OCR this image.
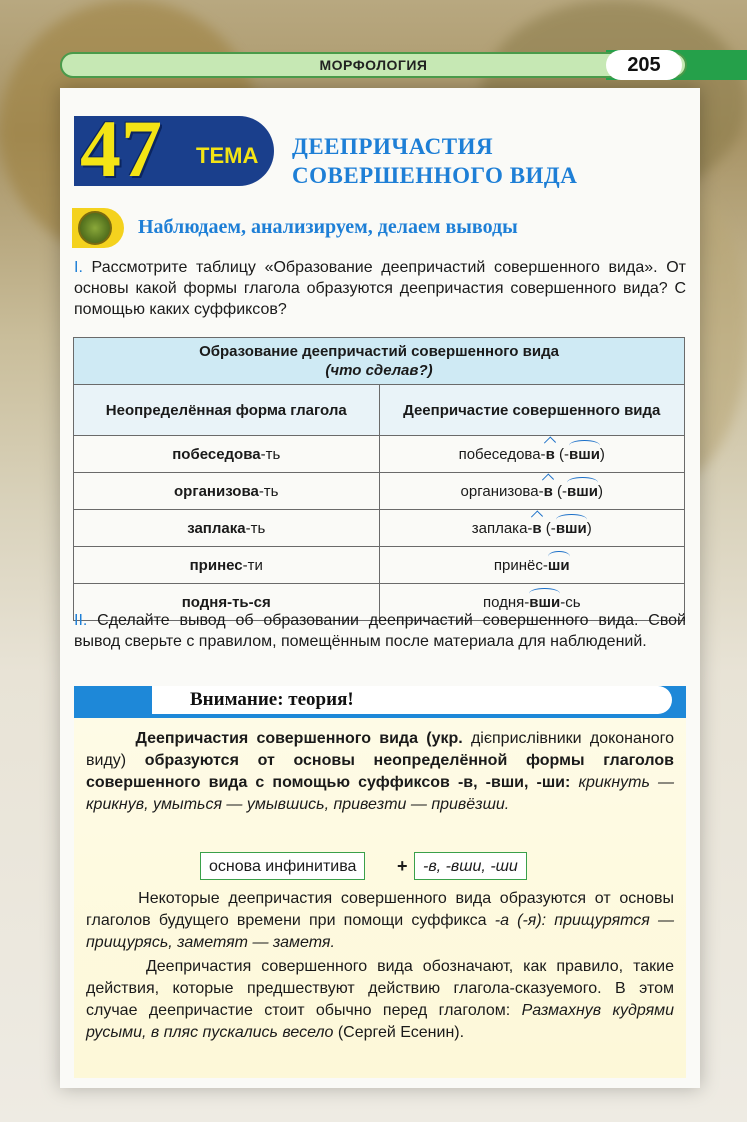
МОРФОЛОГИЯ	205
47 ТЕМА ДЕЕПРИЧАСТИЯ
СОВЕРШЕННОГО ВИДА
Наблюдаем, анализируем, делаем выводы
I. Рассмотрите таблицу «Образование деепричастий совершенного вида». От основы какой формы глагола образуются деепричастия совершенного вида? С помощью каких суффиксов?
Образование деепричастий совершенного вида
(что сделав?)	
Неопределённая форма глагола	Деепричастие совершенного вида
побеседова-ть	побеседова-в (-вши)
организова-ть	организова-в (-вши)
заплака-ть	заплака-в (-вши)
принес-ти	принёс-ши
подня-ть-ся	подня-вши-сь
II. Сделайте вывод об образовании деепричастий совершенного вида. Свой вывод сверьте с правилом, помещённым после материала для наблюдений.
Внимание: теория!
Деепричастия совершенного вида (укр. дієприслівники доконаного виду) образуются от основы неопределённой формы глаголов совершенного вида с помощью суффиксов -в, -вши, -ши: крикнуть — крикнув, умыться — умывшись, привезти — привёзши.
основа инфинитива	+ -в, -вши, -ши
Некоторые деепричастия совершенного вида образуются от основы глаголов будущего времени при помощи суффикса -а (-я): прищурятся — прищурясь, заметят — заметя.
Деепричастия совершенного вида обозначают, как правило, такие действия, которые предшествуют действию глагола-сказуемого. В этом случае деепричастие стоит обычно перед глаголом: Размахнув кудрями русыми, в пляс пускались весело (Сергей Есенин).
